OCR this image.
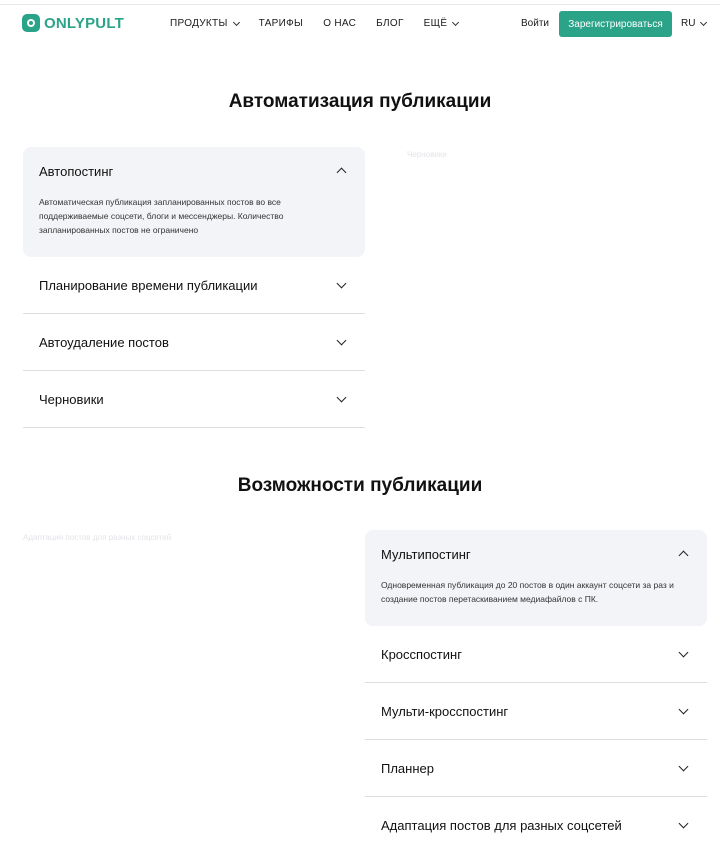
ONLYPULT	ПРОДУКТЫ	ТАРИФЫ О НАС БЛОГ ЕЩЁ	Войти	Зарегистрироваться	RU
Автоматизация публикации
Автопостинг
Автоматическая публикация запланированных постов во все поддерживаемые соцсети, блоги и мессенджеры. Количество запланированных постов не ограничено
Планирование времени публикации
Автоудаление постов
Черновики
Черновики
Возможности публикации
Адаптация постов для разных соцсетей
Мультипостинг
Одновременная публикация до 20 постов в один аккаунт соцсети за раз и создание постов перетаскиванием медиафайлов с ПК.
Кросспостинг
Мульти-кросспостинг
Планнер
Адаптация постов для разных соцсетей
